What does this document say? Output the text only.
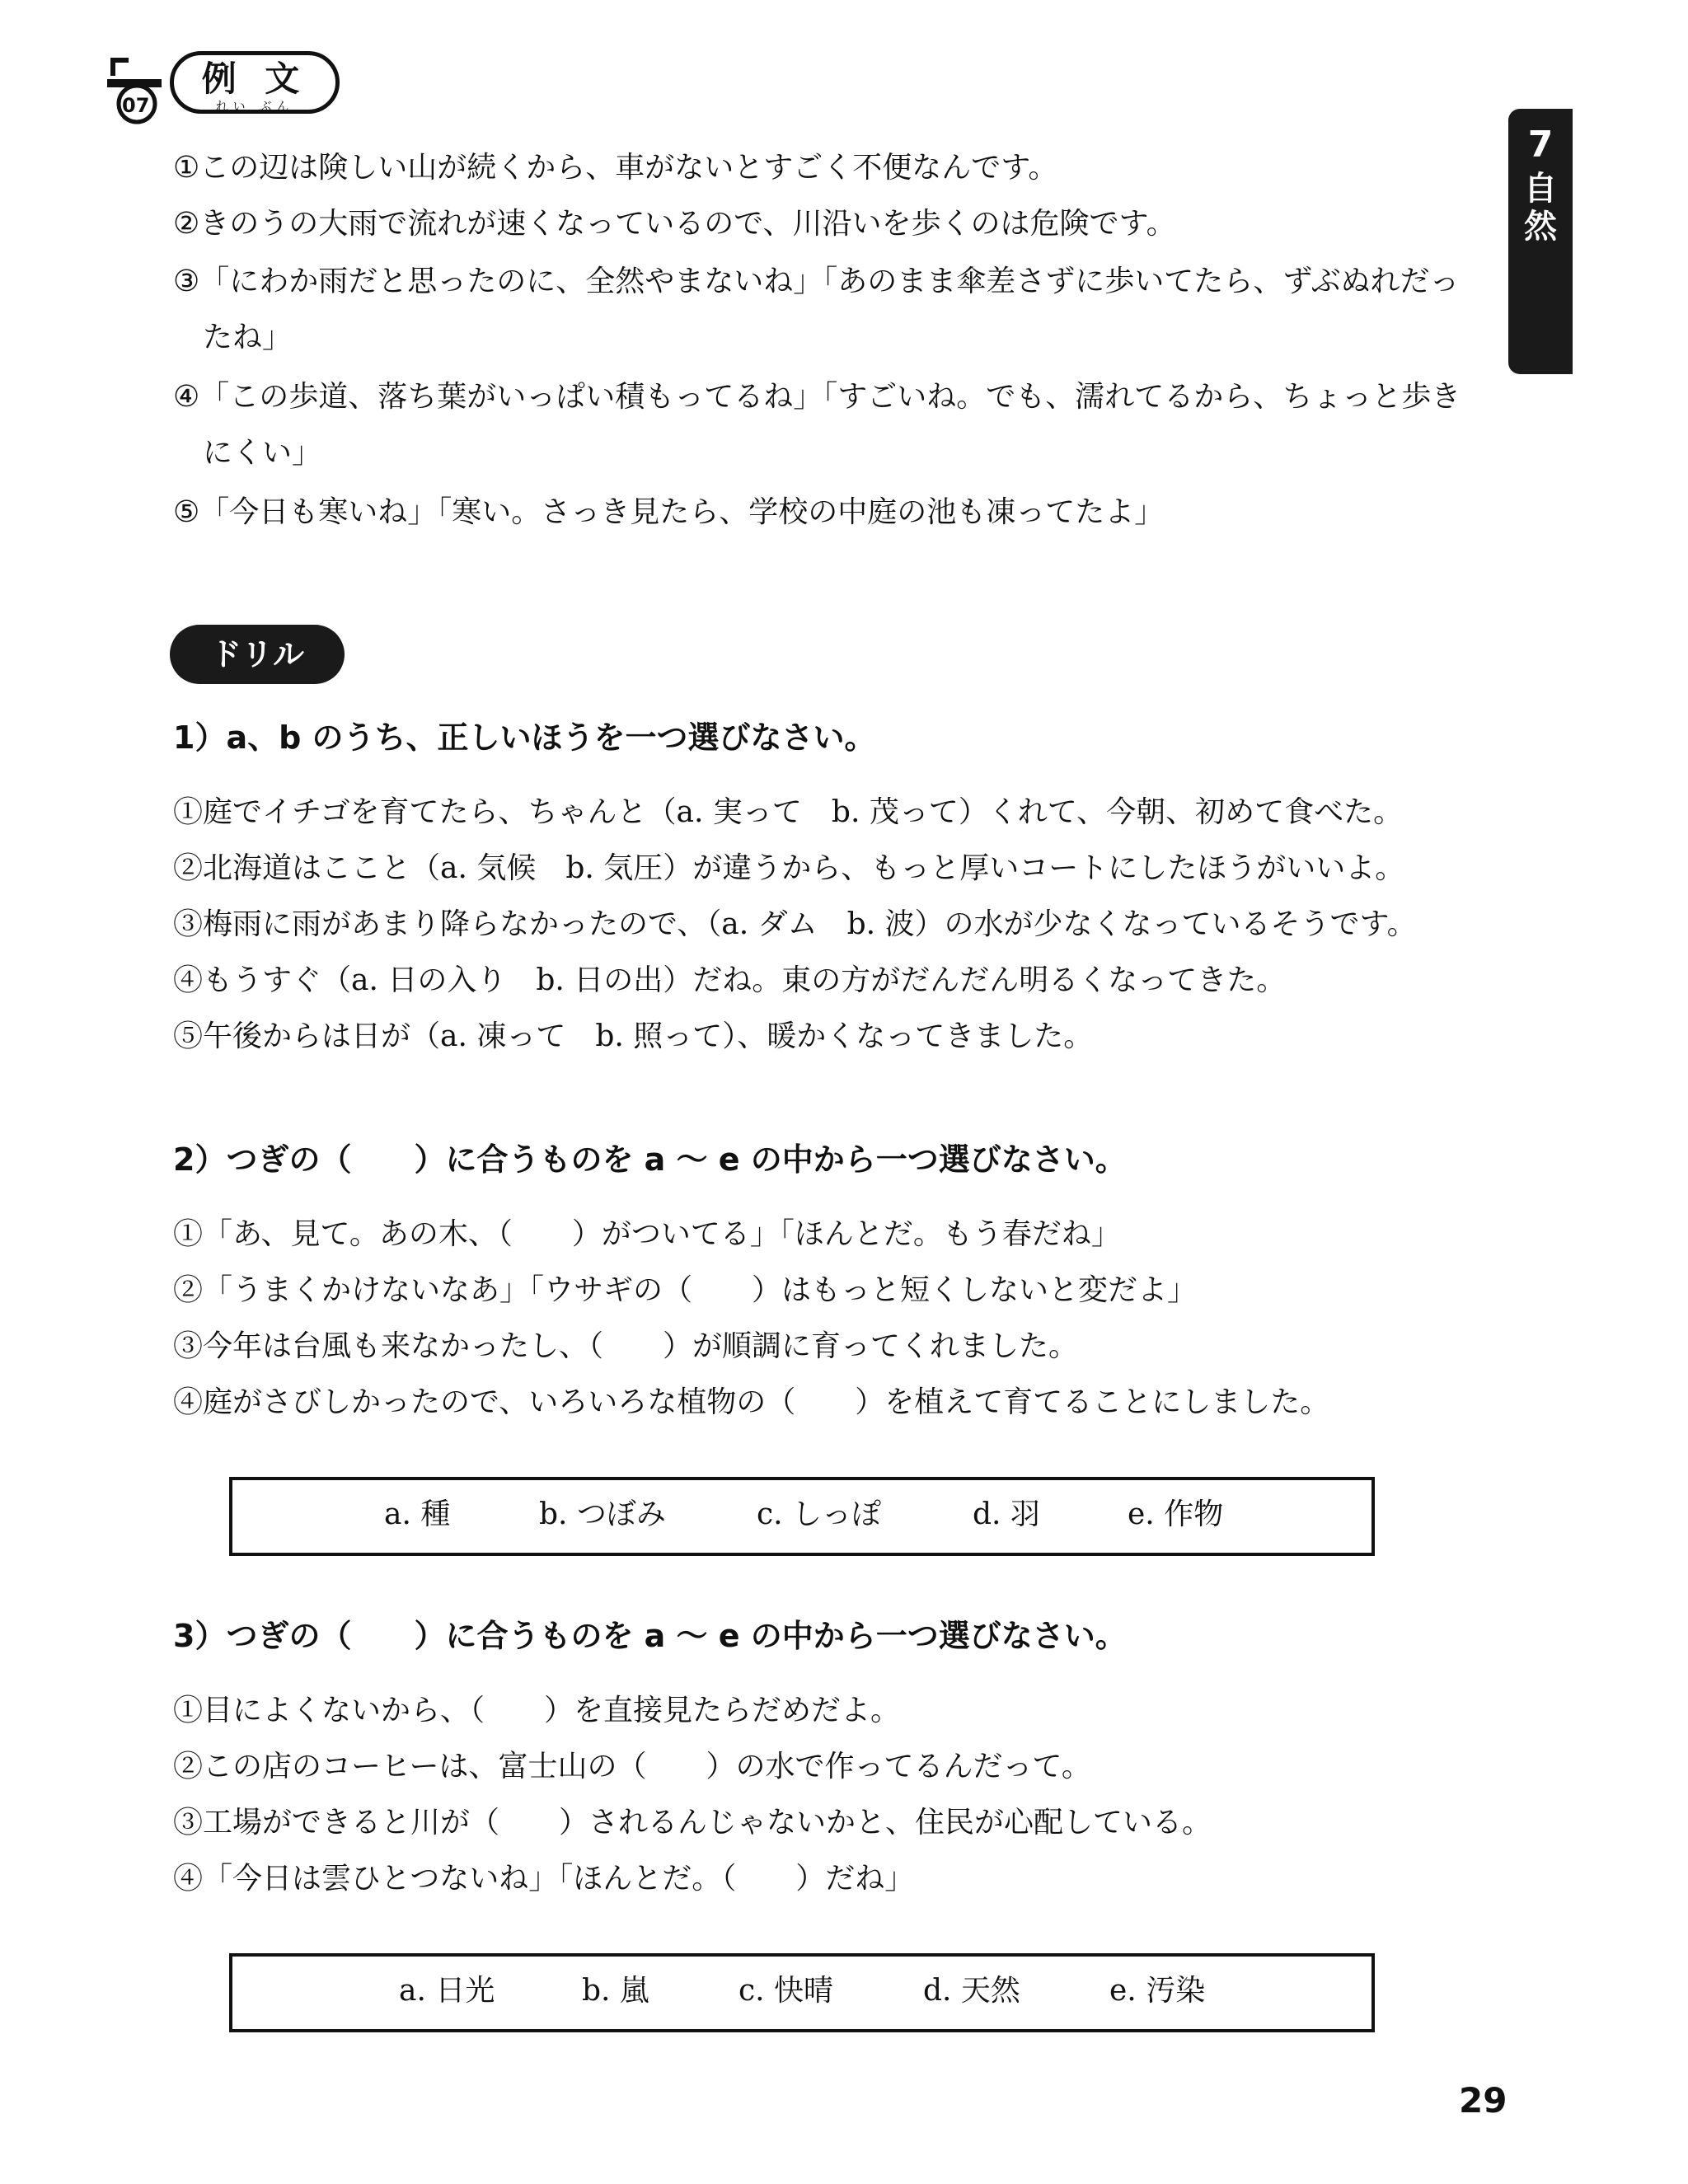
07
例 文
れい ぶん
7
自然
①この辺は険しい山が続くから、車がないとすごく不便なんです。
②きのうの大雨で流れが速くなっているので、川沿いを歩くのは危険です。
③「にわか雨だと思ったのに、全然やまないね」「あのまま傘差さずに歩いてたら、ずぶぬれだっ
たね」
④「この歩道、落ち葉がいっぱい積もってるね」「すごいね。でも、濡れてるから、ちょっと歩き
にくい」
⑤「今日も寒いね」「寒い。さっき見たら、学校の中庭の池も凍ってたよ」
ドリル
1）a、b のうち、正しいほうを一つ選びなさい。
①庭でイチゴを育てたら、ちゃんと（a. 実って　b. 茂って）くれて、今朝、初めて食べた。
②北海道はここと（a. 気候　b. 気圧）が違うから、もっと厚いコートにしたほうがいいよ。
③梅雨に雨があまり降らなかったので、（a. ダム　b. 波）の水が少なくなっているそうです。
④もうすぐ（a. 日の入り　b. 日の出）だね。東の方がだんだん明るくなってきた。
⑤午後からは日が（a. 凍って　b. 照って）、暖かくなってきました。
2）つぎの（　　）に合うものを a ～ e の中から一つ選びなさい。
①「あ、見て。あの木、（　　）がついてる」「ほんとだ。もう春だね」
②「うまくかけないなあ」「ウサギの（　　）はもっと短くしないと変だよ」
③今年は台風も来なかったし、（　　）が順調に育ってくれました。
④庭がさびしかったので、いろいろな植物の（　　）を植えて育てることにしました。
a. 種	b. つぼみ	c. しっぽ	d. 羽	e. 作物
3）つぎの（　　）に合うものを a ～ e の中から一つ選びなさい。
①目によくないから、（　　）を直接見たらだめだよ。
②この店のコーヒーは、富士山の（　　）の水で作ってるんだって。
③工場ができると川が（　　）されるんじゃないかと、住民が心配している。
④「今日は雲ひとつないね」「ほんとだ。（　　）だね」
a. 日光	b. 嵐	c. 快晴	d. 天然	e. 汚染
29
